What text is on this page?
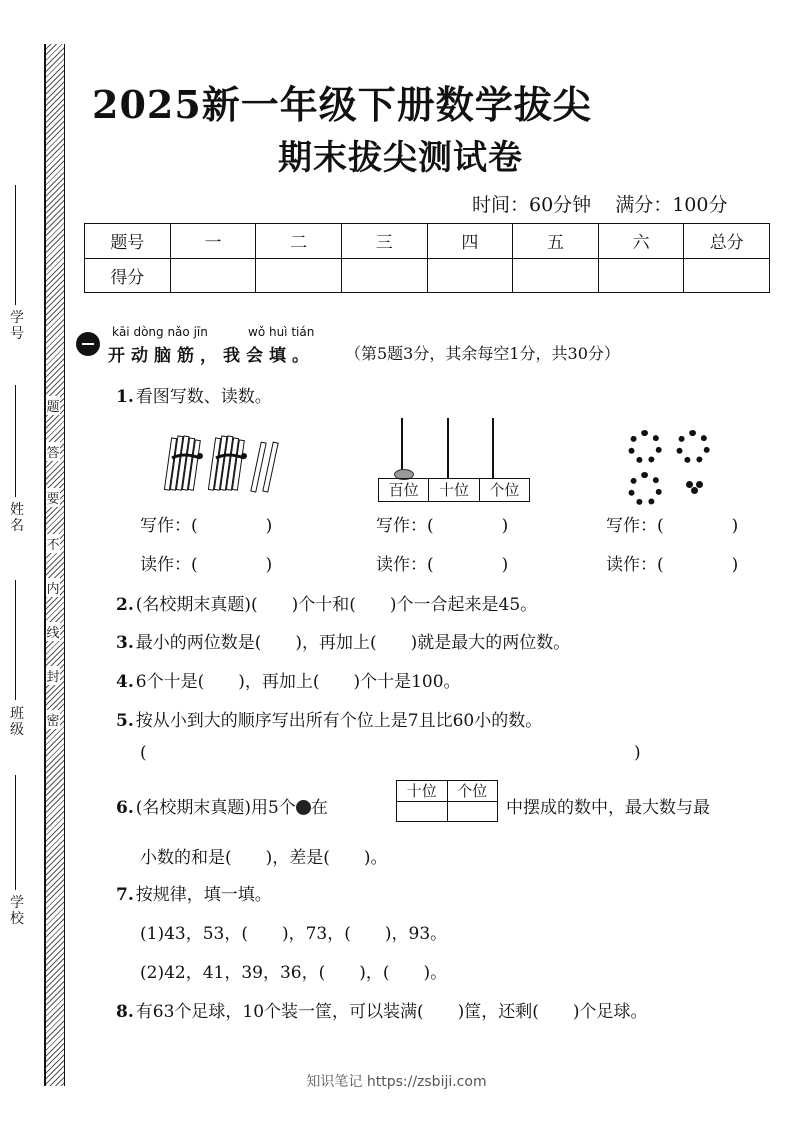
学号
姓名
班级
学校
题
答
要
不
内
线
封
密
2025新一年级下册数学拔尖
期末拔尖测试卷
时间：60分钟 满分：100分
题号	一	二	三	四	五	六	总分
得分							
kāi dòng nǎo jīn	wǒ huì tián
开动脑筋，我会填。 （第5题3分，其余每空1分，共30分）
1. 看图写数、读数。
百位	十位	个位
写作：(　　　　)	写作：(　　　　)	写作：(　　　　)
读作：(　　　　)	读作：(　　　　)	读作：(　　　　)
2. (名校期末真题)(　　)个十和(　　)个一合起来是45。
3. 最小的两位数是(　　)，再加上(　　)就是最大的两位数。
4. 6个十是(　　)，再加上(　　)个十是100。
5. 按从小到大的顺序写出所有个位上是7且比60小的数。
(	)
6. (名校期末真题)用5个 在
十位	个位
中摆成的数中，最大数与最
小数的和是(　　)，差是(　　)。
7. 按规律，填一填。
(1)43，53，(　　)，73，(　　)，93。
(2)42，41，39，36，(　　)，(　　)。
8. 有63个足球，10个装一筐，可以装满(　　)筐，还剩(　　)个足球。
知识笔记 https://zsbiji.com
